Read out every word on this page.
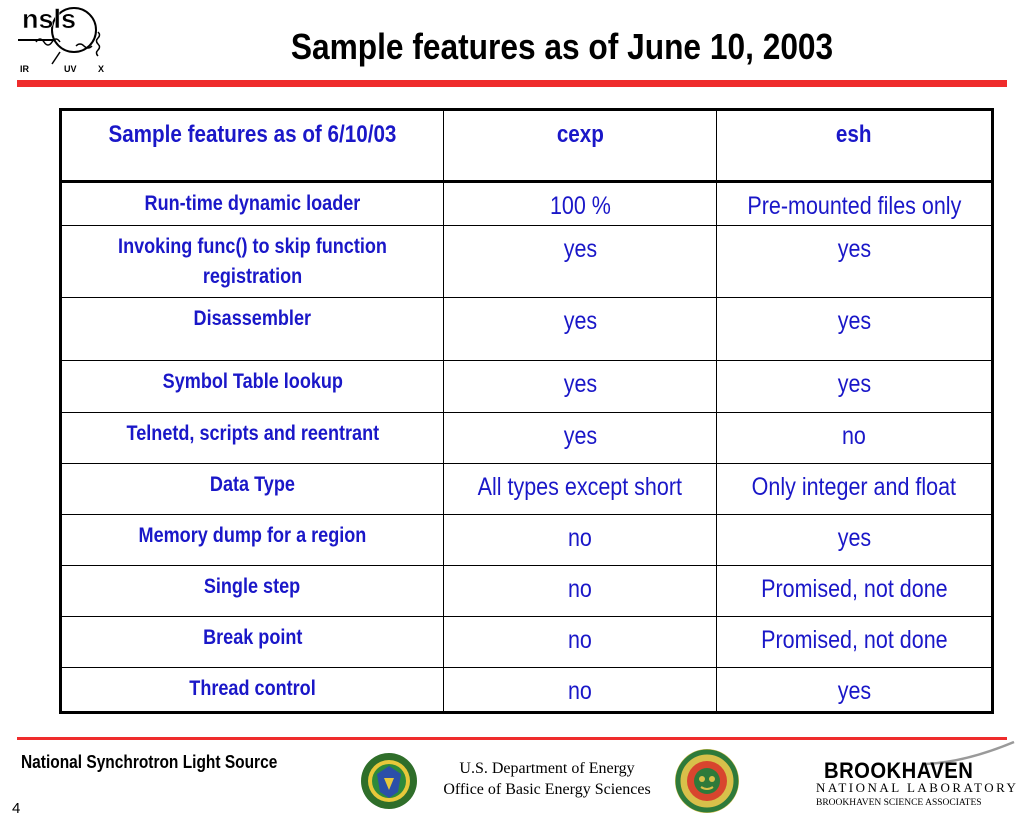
nsls
IR	UV X
Sample features as of June 10, 2003
Sample features as of 6/10/03	cexp	esh
Run-time dynamic loader	100 %	Pre-mounted files only
Invoking func() to skip function registration	yes	yes
Disassembler	yes	yes
Symbol Table lookup	yes	yes
Telnetd, scripts and reentrant	yes	no
Data Type	All types except short	Only integer and float
Memory dump for a region	no	yes
Single step	no	Promised, not done
Break point	no	Promised, not done
Thread control	no	yes
National Synchrotron Light Source
4
U.S. Department of Energy
Office of Basic Energy Sciences
BROOKHAVEN
NATIONAL LABORATORY
BROOKHAVEN SCIENCE ASSOCIATES
